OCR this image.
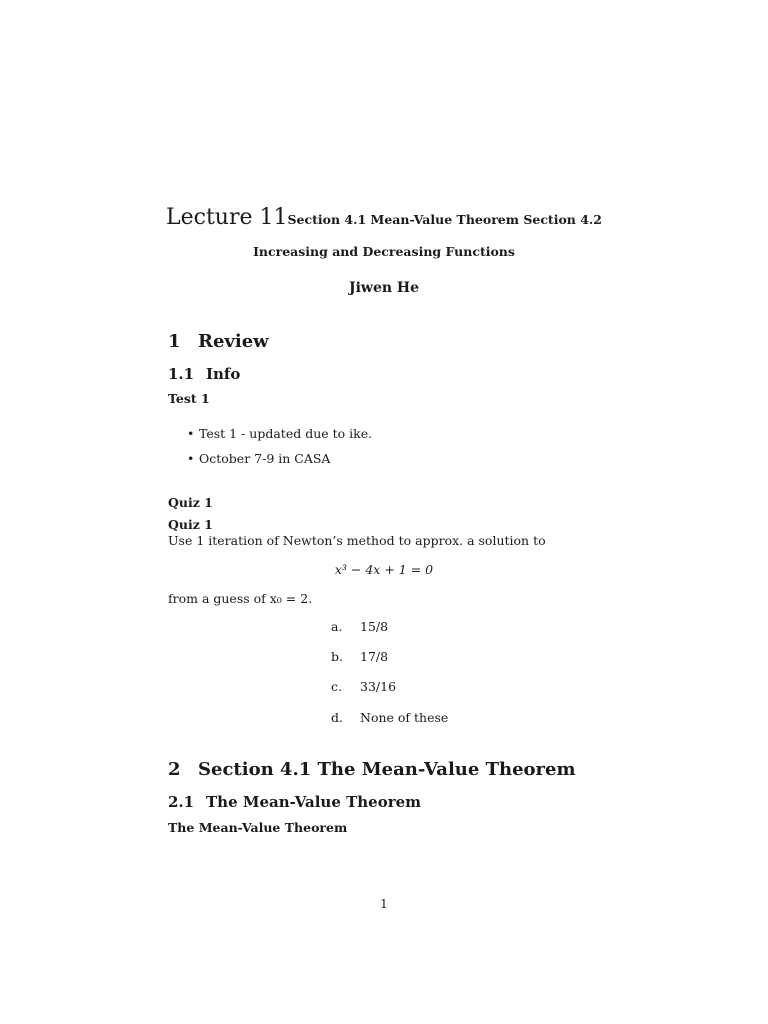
Lecture 11Section 4.1 Mean-Value Theorem Section 4.2
Increasing and Decreasing Functions
Jiwen He
1 Review
1.1 Info
Test 1
• Test 1 - updated due to ike.
• October 7-9 in CASA
Quiz 1
Quiz 1
Use 1 iteration of Newton’s method to approx. a solution to
x³ − 4x + 1 = 0
from a guess of x₀ = 2.
a. 15/8
b. 17/8
c. 33/16
d. None of these
2 Section 4.1 The Mean-Value Theorem
2.1 The Mean-Value Theorem
The Mean-Value Theorem
1
